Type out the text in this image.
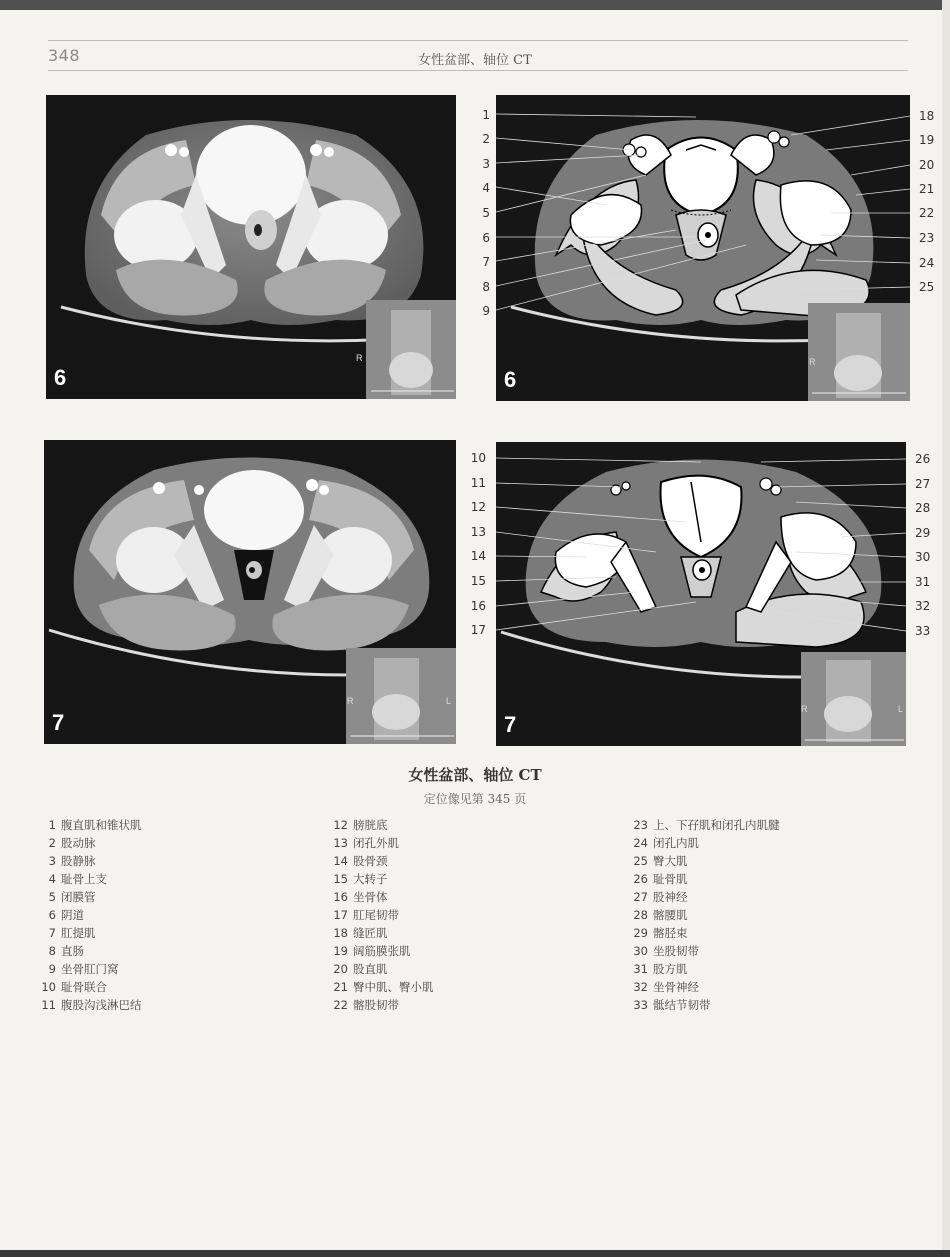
348	女性盆部、轴位 CT
R
6
R
6
1
2
3
4
5
6
7
8
9
18
19
20
21
22
23
24
25
R	L
7
R	L
7
10
11
12
13
14
15
16
17
26
27
28
29
30
31
32
33
女性盆部、轴位 CT
定位像见第 345 页
1 腹直肌和锥状肌
2 股动脉
3 股静脉
4 耻骨上支
5 闭膜管
6 阴道
7 肛提肌
8 直肠
9 坐骨肛门窝
10 耻骨联合
11 腹股沟浅淋巴结
12 膀胱底
13 闭孔外肌
14 股骨颈
15 大转子
16 坐骨体
17 肛尾韧带
18 缝匠肌
19 阔筋膜张肌
20 股直肌
21 臀中肌、臀小肌
22 髂股韧带
23 上、下孖肌和闭孔内肌腱
24 闭孔内肌
25 臀大肌
26 耻骨肌
27 股神经
28 髂腰肌
29 髂胫束
30 坐股韧带
31 股方肌
32 坐骨神经
33 骶结节韧带
